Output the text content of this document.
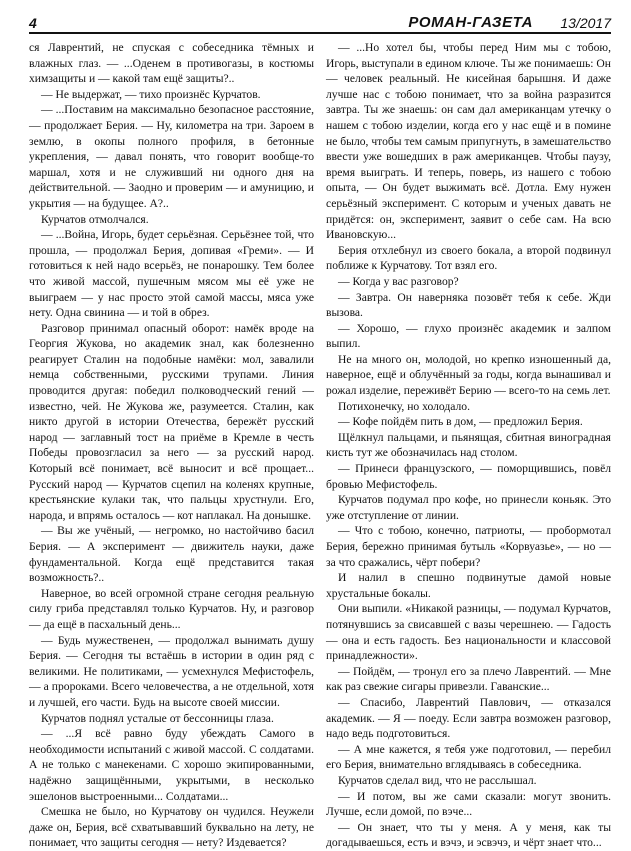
4	РОМАН-ГАЗЕТА	13/2017

ся Лаврентий, не спуская с собеседника тёмных и влажных глаз. — ...Оденем в противогазы, в костюмы химзащиты и — какой там ещё защиты?..

— Не выдержат, — тихо произнёс Курчатов.

— ...Поставим на максимально безопасное расстояние, — продолжает Берия. — Ну, километра на три. Зароем в землю, в окопы полного профиля, в бетонные укрепления, — давал понять, что говорит вообще-то маршал, хотя и не служивший ни одного дня на действительной. — Заодно и проверим — и амуницию, и укрытия — на будущее. А?..

Курчатов отмолчался.

— ...Война, Игорь, будет серьёзная. Серьёзнее той, что прошла, — продолжал Берия, допивая «Греми». — И готовиться к ней надо всерьёз, не понарошку. Тем более что живой массой, пушечным мясом мы её уже не выиграем — у нас просто этой самой массы, мяса уже нету. Одна свинина — и той в обрез.

Разговор принимал опасный оборот: намёк вроде на Георгия Жукова, но академик знал, как болезненно реагирует Сталин на подобные намёки: мол, завалили немца собственными, русскими трупами. Линия проводится другая: победил полководческий гений — известно, чей. Не Жукова же, разумеется. Сталин, как никто другой в истории Отечества, бережёт русский народ — заглавный тост на приёме в Кремле в честь Победы провозгласил за него — за русский народ. Который всё понимает, всё выносит и всё прощает... Русский народ — Курчатов сцепил на коленях крупные, крестьянские кулаки так, что пальцы хрустнули. Его, народа, и впрямь осталось — кот наплакал. На донышке.

— Вы же учёный, — негромко, но настойчиво басил Берия. — А эксперимент — движитель науки, даже фундаментальной. Когда ещё представится такая возможность?..

Наверное, во всей огромной стране сегодня реальную силу грибa представлял только Курчатов. Ну, и разговор — да ещё в пасхальный день...

— Будь мужественен, — продолжал вынимать душу Берия. — Сегодня ты встаёшь в истории в один ряд с великими. Не политиками, — усмехнулся Мефистофель, — а пророками. Всего человечества, а не отдельной, хотя и лучшей, его части. Будь на высоте своей миссии.

Курчатов поднял усталые от бессонницы глаза.

— ...Я всё равно буду убеждать Самого в необходимости испытаний с живой массой. С солдатами. А не только с манекенами. С хорошо экипированными, надёжно защищёнными, укрытыми, в несколько эшелонов выстроенными... Солдатами...

Смешка не было, но Курчатову он чудился. Неужели даже он, Берия, всё схватывавший буквально на лету, не понимает, что защиты сегодня — нету? Издевается?

— ...Но хотел бы, чтобы перед Ним мы с тобою, Игорь, выступали в едином ключе. Ты же понимаешь: Он — человек реальный. Не кисейная барышня. И даже лучше нас с тобою понимает, что за война разразится завтра. Ты же знаешь: он сам дал американцам утечку о нашем с тобою изделии, когда его у нас ещё и в помине не было, чтобы тем самым припугнуть, в замешательство ввести уже вошедших в раж американцев. Чтобы паузу, время выиграть. И теперь, поверь, из нашего с тобою опыта, — Он будет выжимать всё. Дотла. Ему нужен серьёзный эксперимент. С которым и ученых давать не придётся: он, эксперимент, заявит о себе сам. На всю Ивановскую...

Берия отхлебнул из своего бокала, а второй подвинул поближе к Курчатову. Тот взял его.

— Когда у вас разговор?

— Завтра. Он наверняка позовёт тебя к себе. Жди вызова.

— Хорошо, — глухо произнёс академик и залпом выпил.

Не на много он, молодой, но крепко изношенный да, наверное, ещё и облучённый за годы, когда вынашивал и рожал изделие, переживёт Берию — всего-то на семь лет.

Потихонечку, но холодало.

— Кофе пойдём пить в дом, — предложил Берия.

Щёлкнул пальцами, и пьянящая, сбитная виноградная кисть тут же обозначилась над столом.

— Принеси французского, — поморщившись, повёл бровью Мефистофель.

Курчатов подумал про кофе, но принесли коньяк. Это уже отступление от линии.

— Что с тобою, конечно, патриоты, — пробормотал Берия, бережно принимая бутыль «Корвуазье», — но — за что сражались, чёрт побери?

И налил в спешно подвинутые дамой новые хрустальные бокалы.

Они выпили. «Никакой разницы, — подумал Курчатов, потянувшись за свисавшей с вазы черешнею. — Гадость — она и есть гадость. Без национальности и классовой принадлежности».

— Пойдём, — тронул его за плечо Лаврентий. — Мне как раз свежие сигары привезли. Гаванские...

— Спасибо, Лаврентий Павлович, — отказался академик. — Я — поеду. Если завтра возможен разговор, надо ведь подготовиться.

— А мне кажется, я тебя уже подготовил, — перебил его Берия, внимательно вглядываясь в собеседника.

Курчатов сделал вид, что не расслышал.

— И потом, вы же сами сказали: могут звонить. Лучше, если домой, по вэче...

— Он знает, что ты у меня. А у меня, как ты догадываешься, есть и вэчэ, и эсвэчэ, и чёрт знает что...
